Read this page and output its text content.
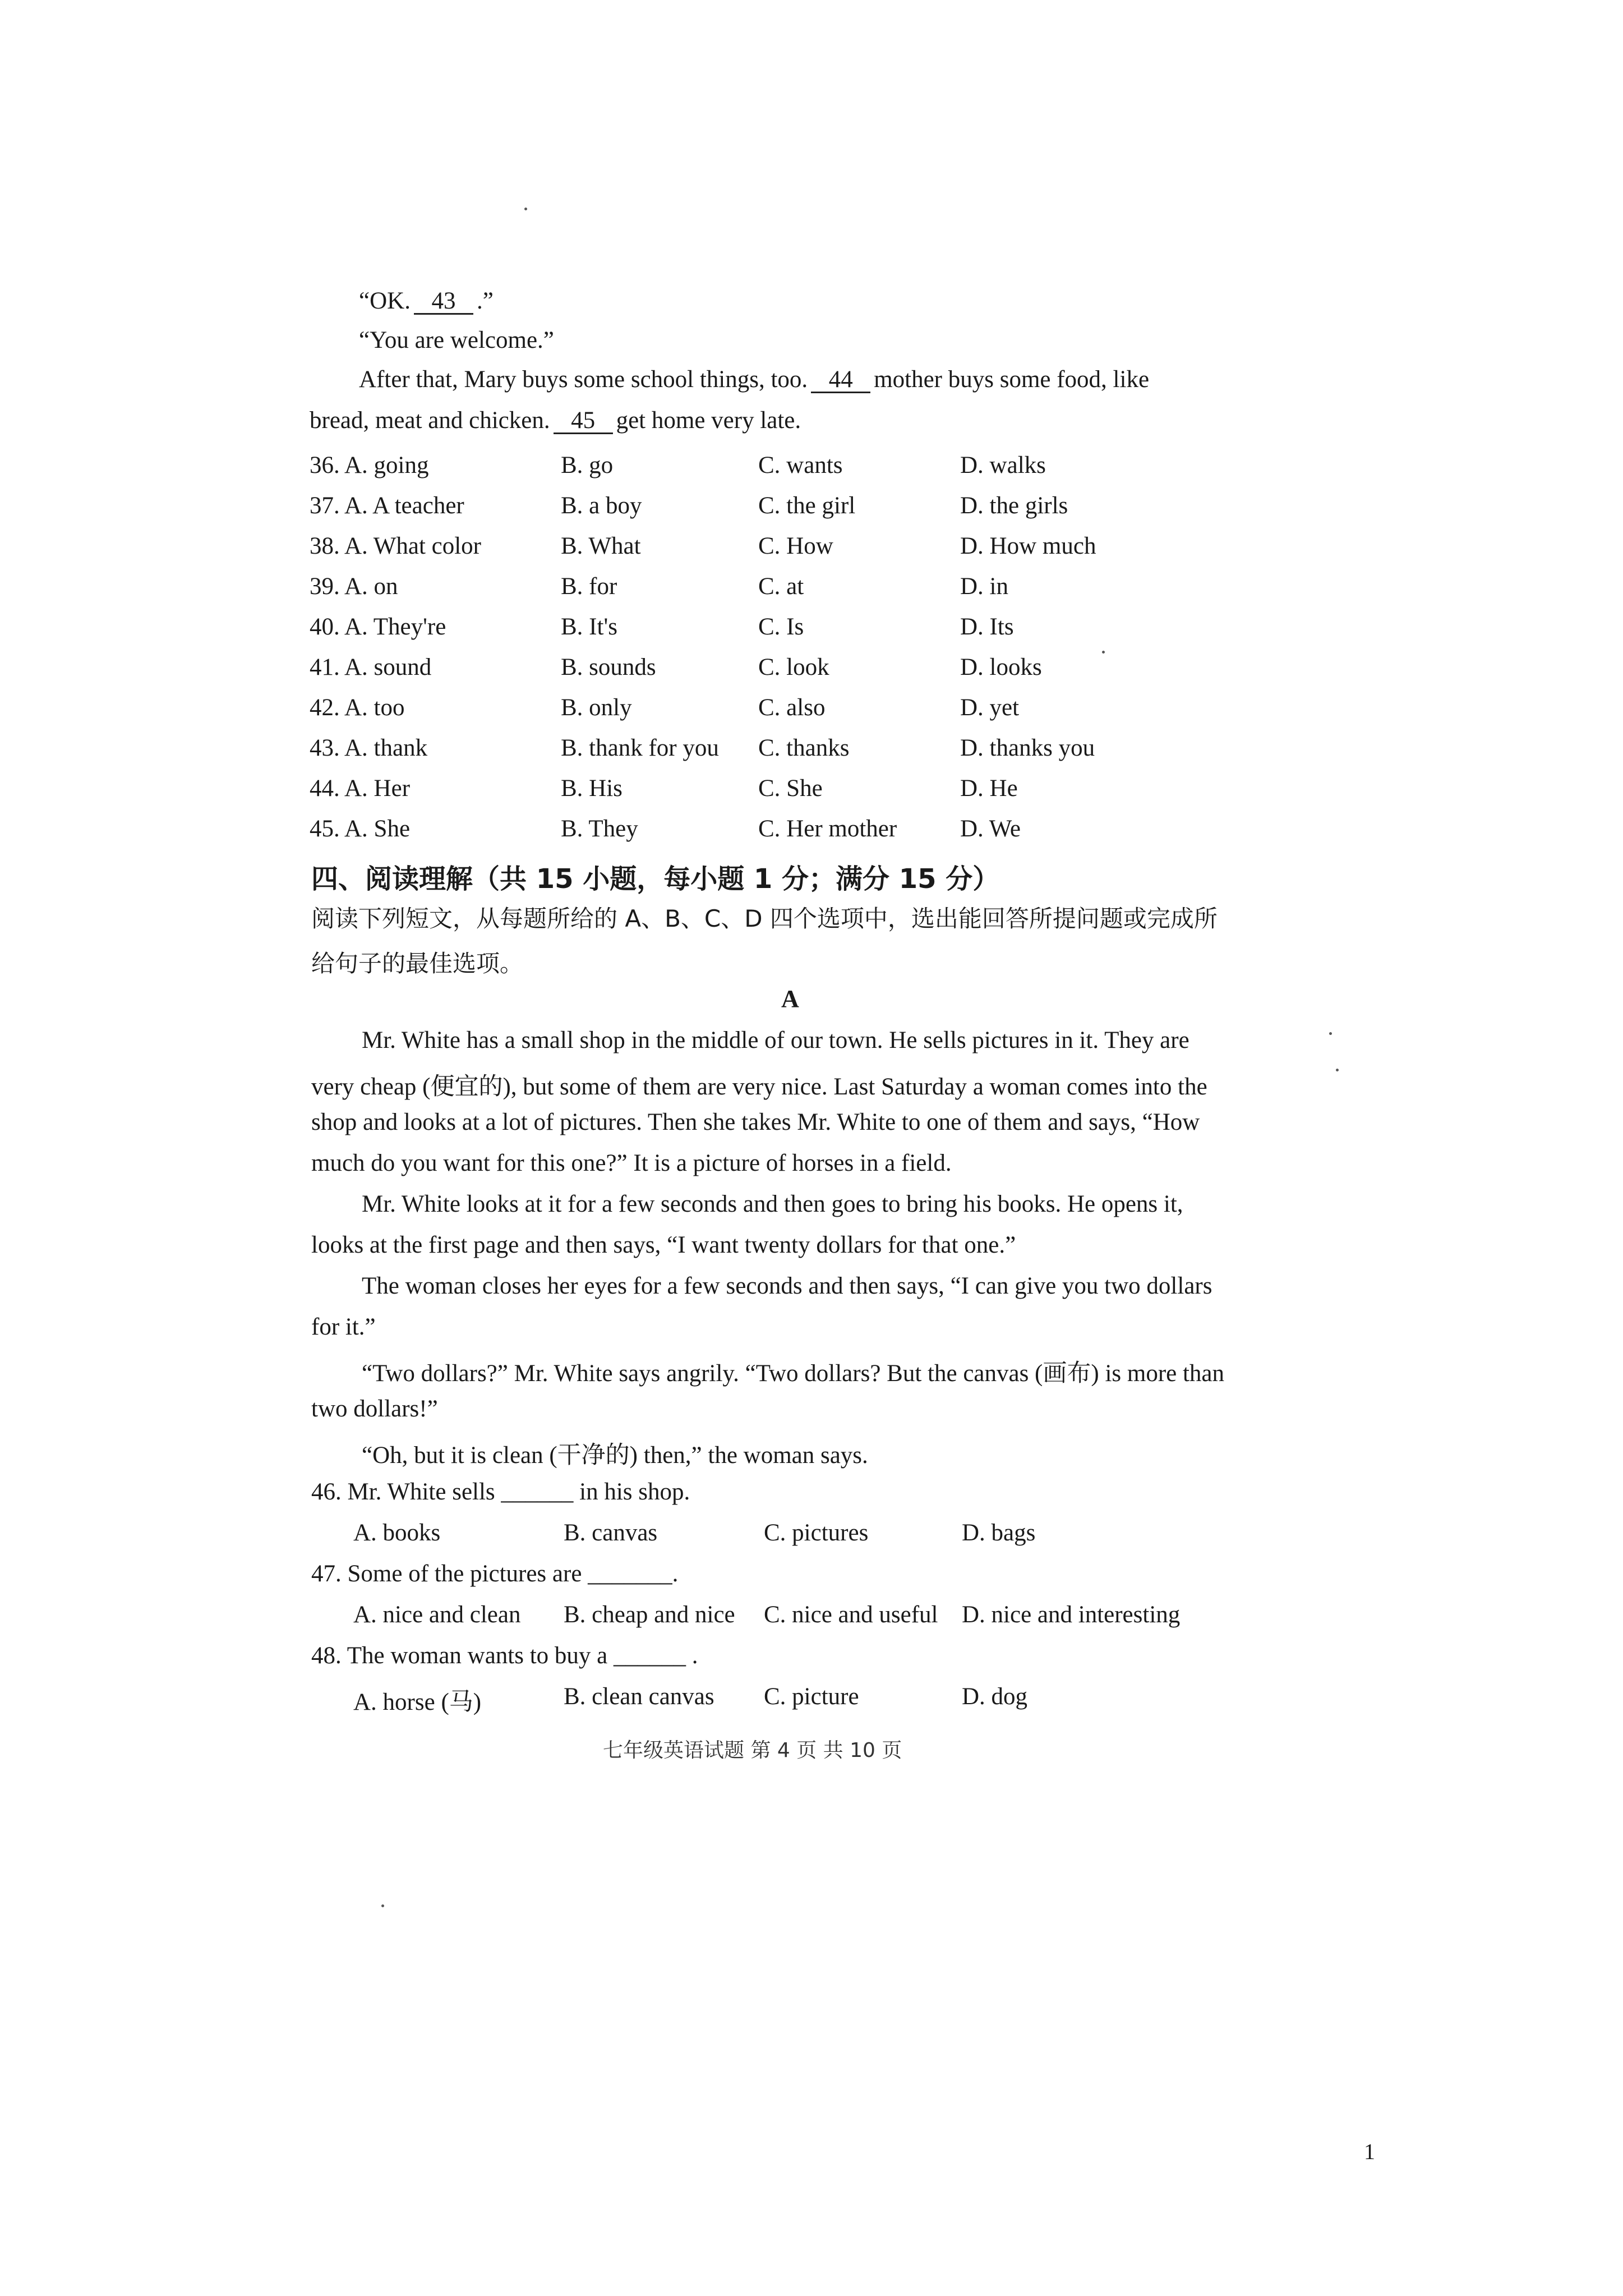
“OK. 43 .”
“You are welcome.”
After that, Mary buys some school things, too. 44 mother buys some food, like
bread, meat and chicken. 45 get home very late.
36. A. going	B. go	C. wants	D. walks
37. A. A teacher	B. a boy	C. the girl	D. the girls
38. A. What color	B. What	C. How	D. How much
39. A. on	B. for	C. at	D. in
40. A. They're	B. It's	C. Is	D. Its
41. A. sound	B. sounds	C. look	D. looks
42. A. too	B. only	C. also	D. yet
43. A. thank	B. thank for you C. thanks	D. thanks you
44. A. Her	B. His	C. She	D. He
45. A. She	B. They	C. Her mother	D. We
四、阅读理解（共 15 小题，每小题 1 分；满分 15 分）
阅读下列短文，从每题所给的 A、B、C、D 四个选项中，选出能回答所提问题或完成所
给句子的最佳选项。
A
Mr. White has a small shop in the middle of our town. He sells pictures in it. They are
very cheap (便宜的), but some of them are very nice. Last Saturday a woman comes into the
shop and looks at a lot of pictures. Then she takes Mr. White to one of them and says, “How
much do you want for this one?” It is a picture of horses in a field.
Mr. White looks at it for a few seconds and then goes to bring his books. He opens it,
looks at the first page and then says, “I want twenty dollars for that one.”
The woman closes her eyes for a few seconds and then says, “I can give you two dollars
for it.”
“Two dollars?” Mr. White says angrily. “Two dollars? But the canvas (画布) is more than
two dollars!”
“Oh, but it is clean (干净的) then,” the woman says.
46. Mr. White sells ______ in his shop.
A. books	B. canvas	C. pictures	D. bags
47. Some of the pictures are _______.
A. nice and clean B. cheap and nice C. nice and useful D. nice and interesting
48. The woman wants to buy a ______ .
A. horse (马)	B. clean canvas C. picture	D. dog
七年级英语试题 第 4 页 共 10 页
1
